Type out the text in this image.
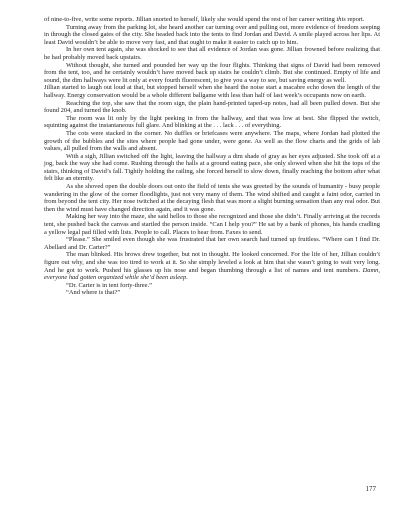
of nine-to-five, write some reports. Jillian snorted to herself, likely she would spend the rest of her career writing this report.

Turning away from the parking lot, she heard another car turning over and pulling out, more evidence of freedom seeping in through the closed gates of the city. She headed back into the tents to find Jordan and David. A smile played across her lips. At least David wouldn’t be able to move very fast, and that ought to make it easier to catch up to him.

In her own tent again, she was shocked to see that all evidence of Jordan was gone. Jillian frowned before realizing that he had probably moved back upstairs.

Without thought, she turned and pounded her way up the four flights. Thinking that signs of David had been removed from the tent, too, and he certainly wouldn’t have moved back up stairs he couldn’t climb. But she continued. Empty of life and sound, the dim hallways were lit only at every fourth fluorescent, to give you a way to see, but saving energy as well.

Jillian started to laugh out loud at that, but stopped herself when she heard the noise start a macabre echo down the length of the hallway. Energy conservation would be a whole different ballgame with less than half of last week’s occupants now on earth.

Reaching the top, she saw that the room sign, the plain hand-printed taped-up notes, had all been pulled down. But she found 204, and turned the knob.

The room was lit only by the light peeking in from the hallway, and that was low at best. She flipped the switch, squinting against the instantaneous full glare. And blinking at the . . . lack . . . of everything.

The cots were stacked in the corner. No duffles or briefcases were anywhere. The maps, where Jordan had plotted the growth of the bubbles and the sites where people had gone under, were gone. As well as the flow charts and the grids of lab values, all pulled from the walls and absent.

With a sigh, Jillian switched off the light, leaving the hallway a dim shade of gray as her eyes adjusted. She took off at a jog, back the way she had come. Rushing through the halls at a ground eating pace, she only slowed when she hit the tops of the stairs, thinking of David’s fall. Tightly holding the railing, she forced herself to slow down, finally reaching the bottom after what felt like an eternity.

As she shoved open the double doors out onto the field of tents she was greeted by the sounds of humanity - busy people wandering in the glow of the corner floodlights, just not very many of them. The wind shifted and caught a faint odor, carried in from beyond the tent city. Her nose twitched at the decaying flesh that was more a slight burning sensation than any real odor. But then the wind must have changed direction again, and it was gone.

Making her way into the maze, she said hellos to those she recognized and those she didn’t. Finally arriving at the records tent, she pushed back the canvas and startled the person inside. “Can I help you?” He sat by a bank of phones, his hands cradling a yellow legal pad filled with lists. People to call. Places to hear from. Faxes to send.

“Please.” She smiled even though she was frustrated that her own search had turned up fruitless. “Where can I find Dr. Abellard and Dr. Carter?”

The man blinked. His brows drew together, but not in thought. He looked concerned. For the life of her, Jillian couldn’t figure out why, and she was too tired to work at it. So she simply leveled a look at him that she wasn’t going to wait very long. And he got to work. Pushed his glasses up his nose and began thumbing through a list of names and tent numbers. Damn, everyone had gotten organized while she’d been asleep.

“Dr. Carter is in tent forty-three.”

“And where is that?”

177
